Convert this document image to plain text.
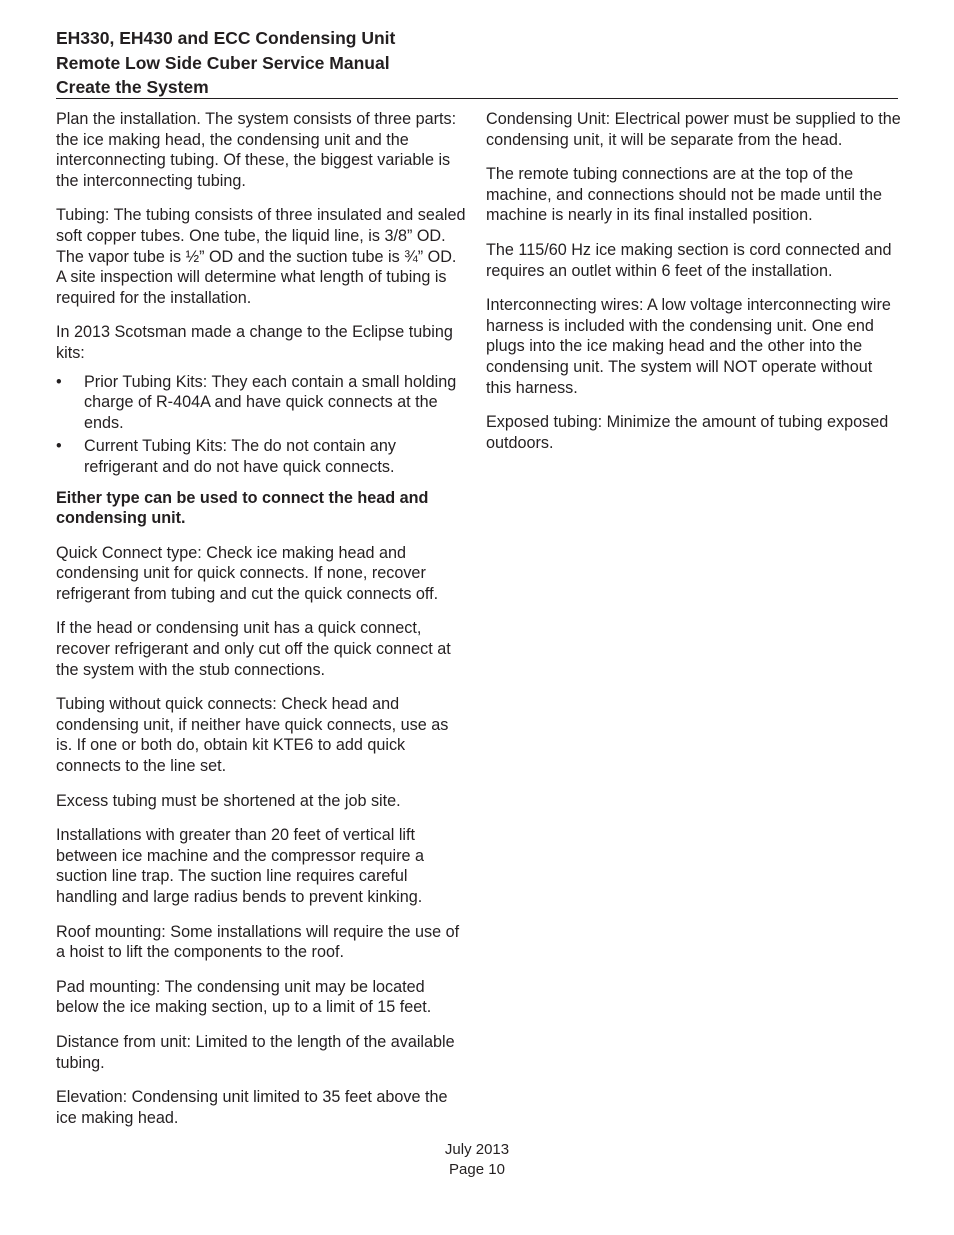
EH330, EH430 and ECC Condensing Unit
Remote Low Side Cuber Service Manual
Create the System

Plan the installation. The system consists of three parts: the ice making head, the condensing unit and the interconnecting tubing. Of these, the biggest variable is the interconnecting tubing.

Tubing: The tubing consists of three insulated and sealed soft copper tubes. One tube, the liquid line, is 3/8” OD. The vapor tube is ½” OD and the suction tube is ¾” OD. A site inspection will determine what length of tubing is required for the installation.

In 2013 Scotsman made a change to the Eclipse tubing kits:

• Prior Tubing Kits: They each contain a small holding charge of R-404A and have quick connects at the ends.
• Current Tubing Kits: The do not contain any refrigerant and do not have quick connects.

Either type can be used to connect the head and condensing unit.

Quick Connect type: Check ice making head and condensing unit for quick connects. If none, recover refrigerant from tubing and cut the quick connects off.

If the head or condensing unit has a quick connect, recover refrigerant and only cut off the quick connect at the system with the stub connections.

Tubing without quick connects: Check head and condensing unit, if neither have quick connects, use as is. If one or both do, obtain kit KTE6 to add quick connects to the line set.

Excess tubing must be shortened at the job site.

Installations with greater than 20 feet of vertical lift between ice machine and the compressor require a suction line trap. The suction line requires careful handling and large radius bends to prevent kinking.

Roof mounting: Some installations will require the use of a hoist to lift the components to the roof.

Pad mounting: The condensing unit may be located below the ice making section, up to a limit of 15 feet.

Distance from unit: Limited to the length of the available tubing.

Elevation: Condensing unit limited to 35 feet above the ice making head.

Condensing Unit: Electrical power must be supplied to the condensing unit, it will be separate from the head.

The remote tubing connections are at the top of the machine, and connections should not be made until the machine is nearly in its final installed position.

The 115/60 Hz ice making section is cord connected and requires an outlet within 6 feet of the installation.

Interconnecting wires: A low voltage interconnecting wire harness is included with the condensing unit. One end plugs into the ice making head and the other into the condensing unit. The system will NOT operate without this harness.

Exposed tubing: Minimize the amount of tubing exposed outdoors.

July 2013
Page 10
